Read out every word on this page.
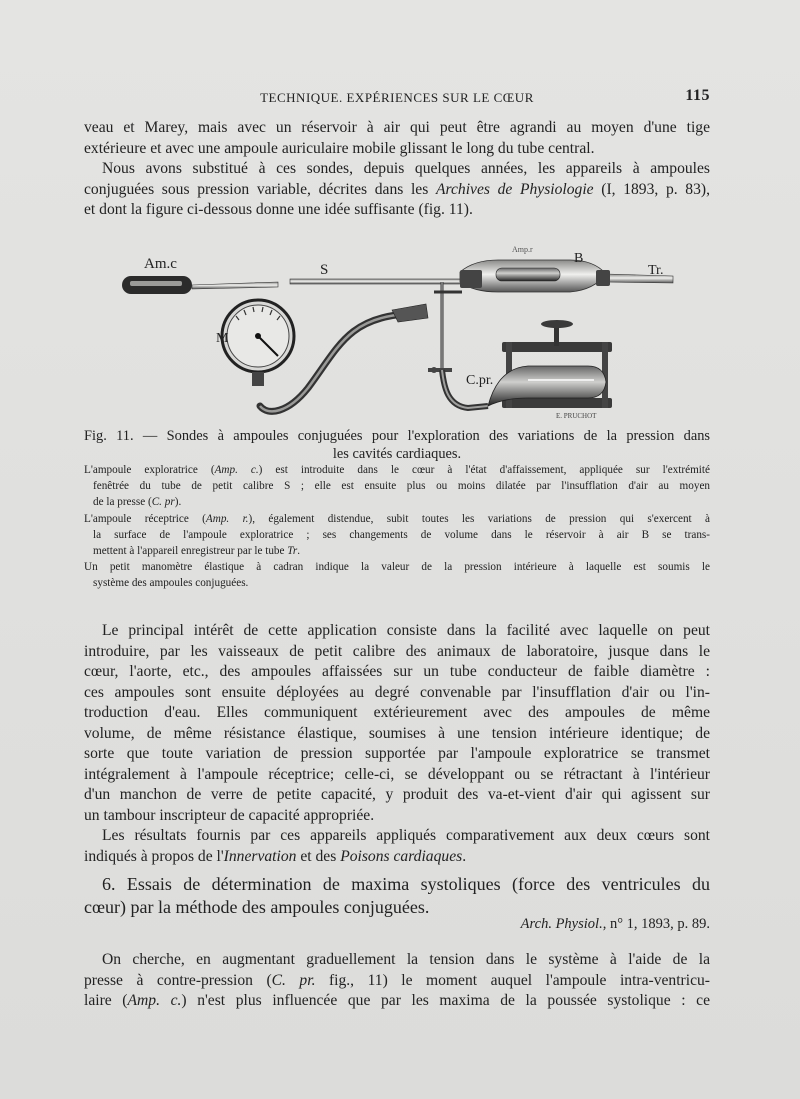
TECHNIQUE. EXPÉRIENCES SUR LE CŒUR	115
veau et Marey, mais avec un réservoir à air qui peut être agrandi au moyen d'une tige
extérieure et avec une ampoule auriculaire mobile glissant le long du tube central.
Nous avons substitué à ces sondes, depuis quelques années, les appareils à ampoules
conjuguées sous pression variable, décrites dans les Archives de Physiologie (I, 1893, p. 83),
et dont la figure ci-dessous donne une idée suffisante (fig. 11).
Am.c	S
B
Tr.
M
C.pr.
Amp.r
E. PRUCHOT
Fig. 11. — Sondes à ampoules conjuguées pour l'exploration des variations de la pression dans
les cavités cardiaques.
L'ampoule exploratrice (Amp. c.) est introduite dans le cœur à l'état d'affaissement, appliquée sur l'extrémité
fenêtrée du tube de petit calibre S ; elle est ensuite plus ou moins dilatée par l'insufflation d'air au moyen
de la presse (C. pr).
L'ampoule réceptrice (Amp. r.), également distendue, subit toutes les variations de pression qui s'exercent à
la surface de l'ampoule exploratrice ; ses changements de volume dans le réservoir à air B se trans-
mettent à l'appareil enregistreur par le tube Tr.
Un petit manomètre élastique à cadran indique la valeur de la pression intérieure à laquelle est soumis le
système des ampoules conjuguées.
Le principal intérêt de cette application consiste dans la facilité avec laquelle on peut
introduire, par les vaisseaux de petit calibre des animaux de laboratoire, jusque dans le
cœur, l'aorte, etc., des ampoules affaissées sur un tube conducteur de faible diamètre :
ces ampoules sont ensuite déployées au degré convenable par l'insufflation d'air ou l'in-
troduction d'eau. Elles communiquent extérieurement avec des ampoules de même
volume, de même résistance élastique, soumises à une tension intérieure identique; de
sorte que toute variation de pression supportée par l'ampoule exploratrice se transmet
intégralement à l'ampoule réceptrice; celle-ci, se développant ou se rétractant à l'intérieur
d'un manchon de verre de petite capacité, y produit des va-et-vient d'air qui agissent sur
un tambour inscripteur de capacité appropriée.
Les résultats fournis par ces appareils appliqués comparativement aux deux cœurs sont
indiqués à propos de l'Innervation et des Poisons cardiaques.
6. Essais de détermination de maxima systoliques (force des ventricules du
cœur) par la méthode des ampoules conjuguées.
Arch. Physiol., n° 1, 1893, p. 89.
On cherche, en augmentant graduellement la tension dans le système à l'aide de la
presse à contre-pression (C. pr. fig., 11) le moment auquel l'ampoule intra-ventricu-
laire (Amp. c.) n'est plus influencée que par les maxima de la poussée systolique : ce
